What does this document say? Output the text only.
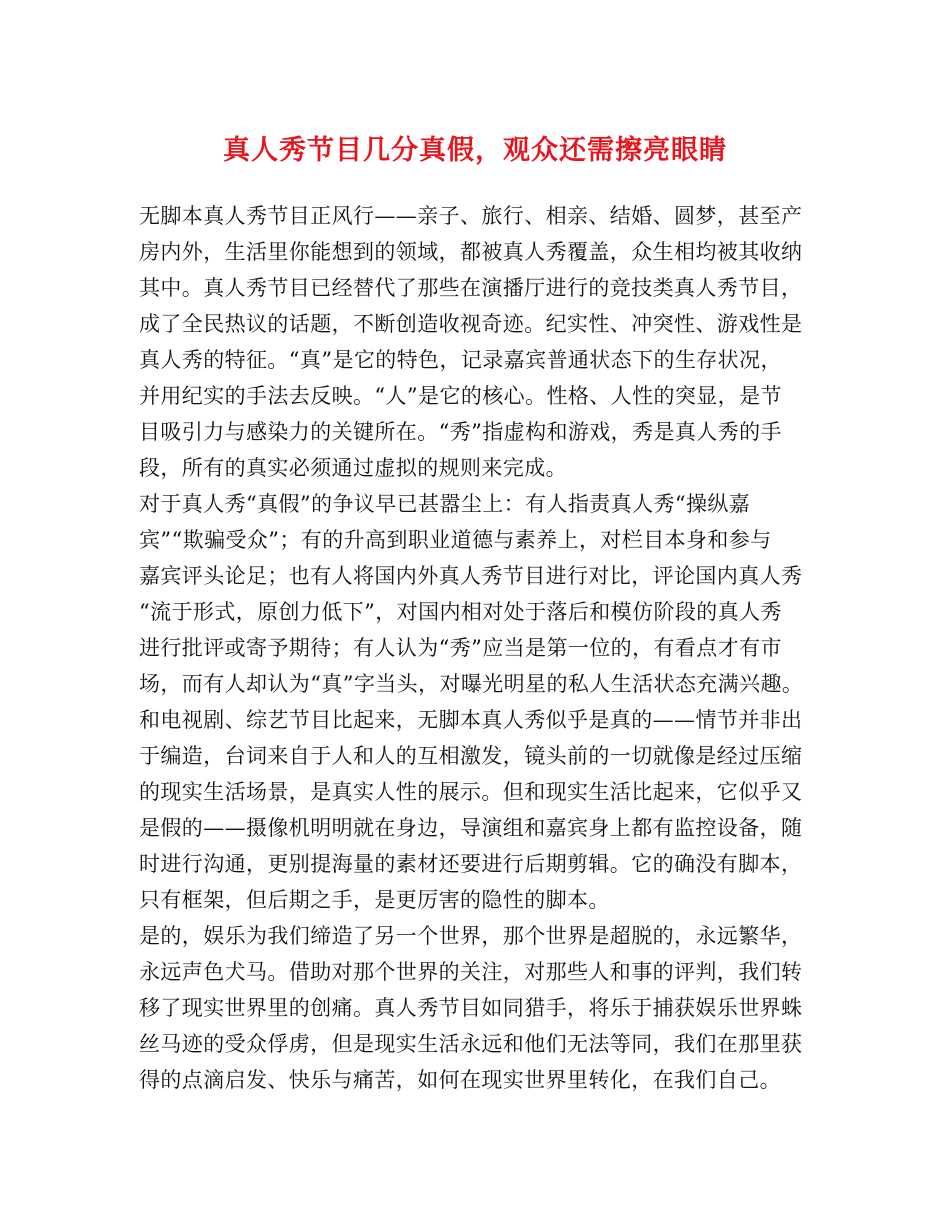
真人秀节目几分真假，观众还需擦亮眼睛
无脚本真人秀节目正风行——亲子、旅行、相亲、结婚、圆梦，甚至产
房内外，生活里你能想到的领域，都被真人秀覆盖，众生相均被其收纳
其中。真人秀节目已经替代了那些在演播厅进行的竞技类真人秀节目，
成了全民热议的话题，不断创造收视奇迹。纪实性、冲突性、游戏性是
真人秀的特征。“真”是它的特色，记录嘉宾普通状态下的生存状况，
并用纪实的手法去反映。“人”是它的核心。性格、人性的突显，是节
目吸引力与感染力的关键所在。“秀”指虚构和游戏，秀是真人秀的手
段，所有的真实必须通过虚拟的规则来完成。
对于真人秀“真假”的争议早已甚嚣尘上：有人指责真人秀“操纵嘉
宾”“欺骗受众”；有的升高到职业道德与素养上，对栏目本身和参与
嘉宾评头论足；也有人将国内外真人秀节目进行对比，评论国内真人秀
“流于形式，原创力低下”，对国内相对处于落后和模仿阶段的真人秀
进行批评或寄予期待；有人认为“秀”应当是第一位的，有看点才有市
场，而有人却认为“真”字当头，对曝光明星的私人生活状态充满兴趣。
和电视剧、综艺节目比起来，无脚本真人秀似乎是真的——情节并非出
于编造，台词来自于人和人的互相激发，镜头前的一切就像是经过压缩
的现实生活场景，是真实人性的展示。但和现实生活比起来，它似乎又
是假的——摄像机明明就在身边，导演组和嘉宾身上都有监控设备，随
时进行沟通，更别提海量的素材还要进行后期剪辑。它的确没有脚本，
只有框架，但后期之手，是更厉害的隐性的脚本。
是的，娱乐为我们缔造了另一个世界，那个世界是超脱的，永远繁华，
永远声色犬马。借助对那个世界的关注，对那些人和事的评判，我们转
移了现实世界里的创痛。真人秀节目如同猎手，将乐于捕获娱乐世界蛛
丝马迹的受众俘虏，但是现实生活永远和他们无法等同，我们在那里获
得的点滴启发、快乐与痛苦，如何在现实世界里转化，在我们自己。
